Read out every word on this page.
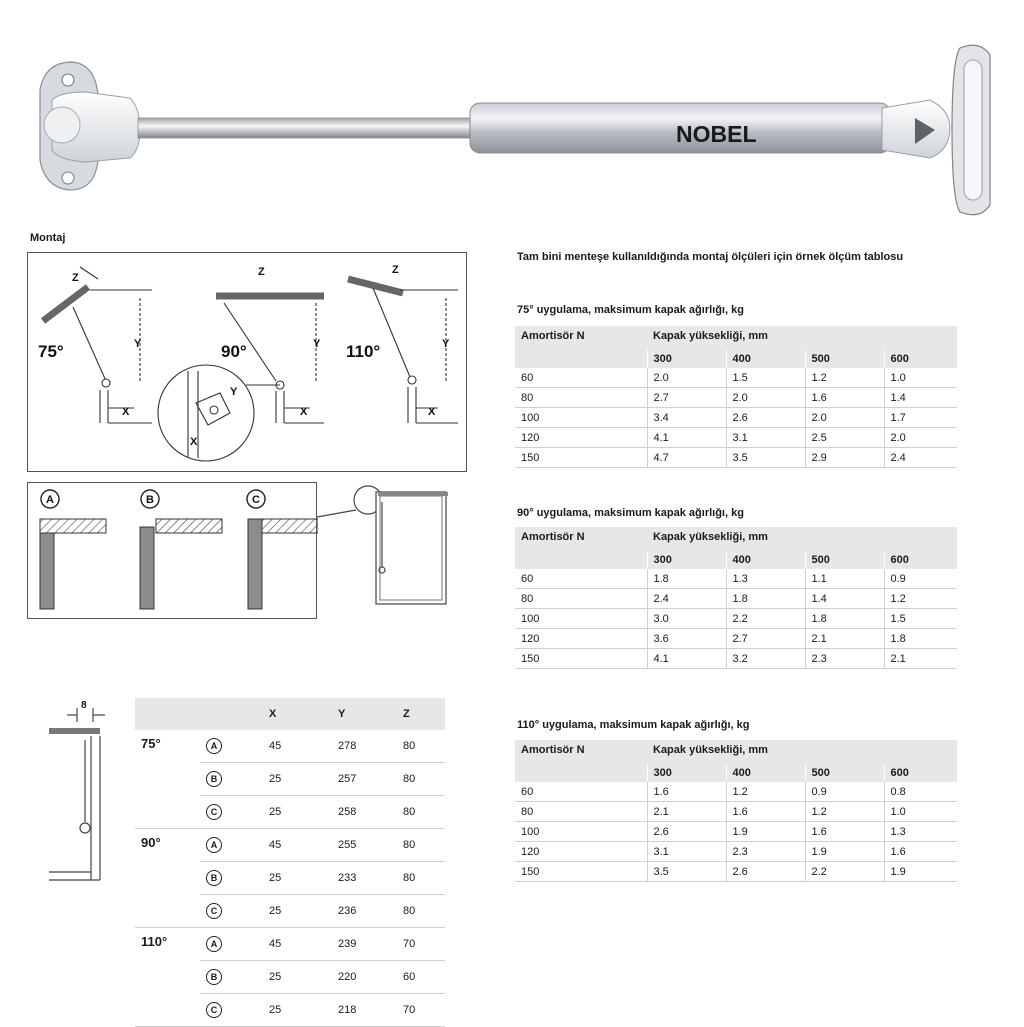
NOBEL
Montaj
75°	90°	110°
Z	Z	Z
Y	Y	Y
X	X	X
Y
X
A	B	C
8
		X	Y	Z
75°	A	45	278	80
	B	25	257	80
	C	25	258	80
90°	A	45	255	80
	B	25	233	80
	C	25	236	80
110°	A	45	239	70
	B	25	220	60
	C	25	218	70
Tam bini menteşe kullanıldığında montaj ölçüleri için örnek ölçüm tablosu
75° uygulama, maksimum kapak ağırlığı, kg
Amortisör N	Kapak yüksekliği, mm			
	300	400	500	600
60	2.0	1.5	1.2	1.0
80	2.7	2.0	1.6	1.4
100	3.4	2.6	2.0	1.7
120	4.1	3.1	2.5	2.0
150	4.7	3.5	2.9	2.4
90° uygulama, maksimum kapak ağırlığı, kg
Amortisör N	Kapak yüksekliği, mm			
	300	400	500	600
60	1.8	1.3	1.1	0.9
80	2.4	1.8	1.4	1.2
100	3.0	2.2	1.8	1.5
120	3.6	2.7	2.1	1.8
150	4.1	3.2	2.3	2.1
110° uygulama, maksimum kapak ağırlığı, kg
Amortisör N	Kapak yüksekliği, mm			
	300	400	500	600
60	1.6	1.2	0.9	0.8
80	2.1	1.6	1.2	1.0
100	2.6	1.9	1.6	1.3
120	3.1	2.3	1.9	1.6
150	3.5	2.6	2.2	1.9
